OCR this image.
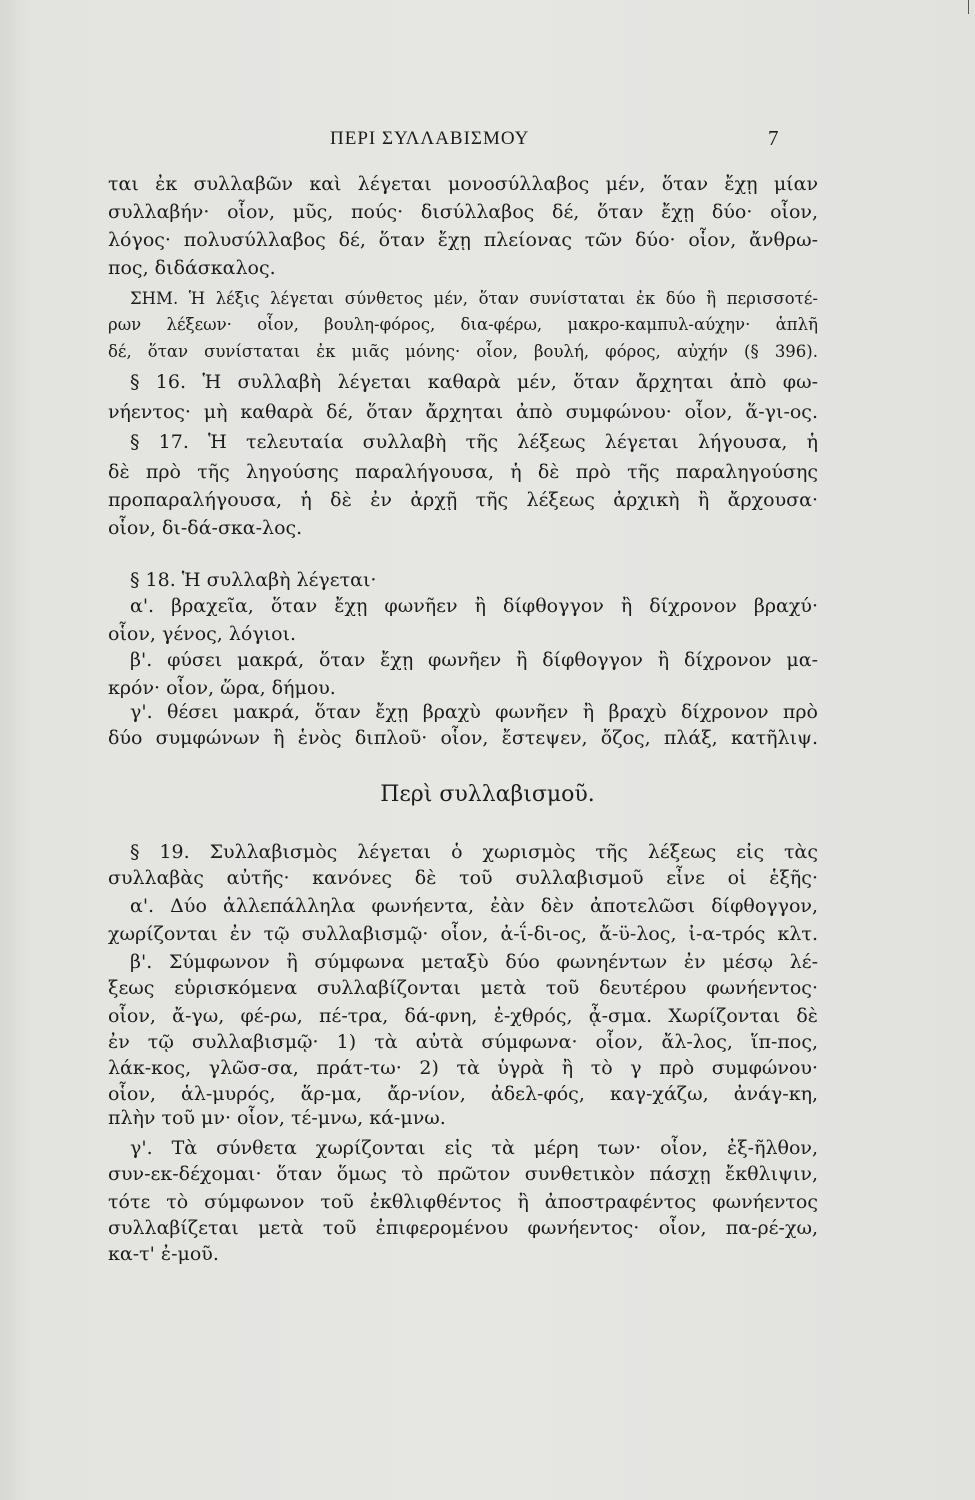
ΠΕΡΙ ΣΥΛΛΑΒΙΣΜΟΥ	7
Περὶ συλλαβισμοῦ.
ται ἐκ συλλαβῶν καὶ λέγεται μονοσύλλαβος μέν, ὅταν ἔχῃ μίαν
συλλαβήν· οἷον, μῦς, πούς· δισύλλαβος δέ, ὅταν ἔχῃ δύο· οἷον,
λόγος· πολυσύλλαβος δέ, ὅταν ἔχῃ πλείονας τῶν δύο· οἷον, ἄνθρω-
πος, διδάσκαλος.
ΣΗΜ. Ἡ λέξις λέγεται σύνθετος μέν, ὅταν συνίσταται ἐκ δύο ἢ περισσοτέ-
ρων λέξεων· οἷον, βουλη-φόρος, δια-φέρω, μακρο-καμπυλ-αύχην· ἁπλῆ
δέ, ὅταν συνίσταται ἐκ μιᾶς μόνης· οἷον, βουλή, φόρος, αὐχήν (§ 396).
§ 16. Ἡ συλλαβὴ λέγεται καθαρὰ μέν, ὅταν ἄρχηται ἀπὸ φω-
νήεντος· μὴ καθαρὰ δέ, ὅταν ἄρχηται ἀπὸ συμφώνου· οἷον, ἅ-γι-ος.
§ 17. Ἡ τελευταία συλλαβὴ τῆς λέξεως λέγεται λήγουσα, ἡ
δὲ πρὸ τῆς ληγούσης παραλήγουσα, ἡ δὲ πρὸ τῆς παραληγούσης
προπαραλήγουσα, ἡ δὲ ἐν ἀρχῇ τῆς λέξεως ἀρχικὴ ἢ ἄρχουσα·
οἷον, δι-δά-σκα-λος.
§ 18. Ἡ συλλαβὴ λέγεται·
α'. βραχεῖα, ὅταν ἔχῃ φωνῆεν ἢ δίφθογγον ἢ δίχρονον βραχύ·
οἷον, γένος, λόγιοι.
β'. φύσει μακρά, ὅταν ἔχῃ φωνῆεν ἢ δίφθογγον ἢ δίχρονον μα-
κρόν· οἷον, ὥρα, δήμου.
γ'. θέσει μακρά, ὅταν ἔχῃ βραχὺ φωνῆεν ἢ βραχὺ δίχρονον πρὸ
δύο συμφώνων ἢ ἑνὸς διπλοῦ· οἷον, ἔστεψεν, ὄζος, πλάξ, κατῆλιψ.
§ 19. Συλλαβισμὸς λέγεται ὁ χωρισμὸς τῆς λέξεως εἰς τὰς
συλλαβὰς αὐτῆς· κανόνες δὲ τοῦ συλλαβισμοῦ εἶνε οἱ ἑξῆς·
α'. Δύο ἀλλεπάλληλα φωνήεντα, ἐὰν δὲν ἀποτελῶσι δίφθογγον,
χωρίζονται ἐν τῷ συλλαβισμῷ· οἷον, ἀ-ΐ-δι-ος, ἄ-ϋ-λος, ἰ-α-τρός κλτ.
β'. Σύμφωνον ἢ σύμφωνα μεταξὺ δύο φωνηέντων ἐν μέσῳ λέ-
ξεως εὑρισκόμενα συλλαβίζονται μετὰ τοῦ δευτέρου φωνήεντος·
οἷον, ἄ-γω, φέ-ρω, πέ-τρα, δά-φνη, ἐ-χθρός, ᾆ-σμα. Χωρίζονται δὲ
ἐν τῷ συλλαβισμῷ· 1) τὰ αὐτὰ σύμφωνα· οἷον, ἄλ-λος, ἵπ-πος,
λάκ-κος, γλῶσ-σα, πράτ-τω· 2) τὰ ὑγρὰ ἢ τὸ γ πρὸ συμφώνου·
οἷον, ἁλ-μυρός, ἅρ-μα, ἄρ-νίον, ἀδελ-φός, καγ-χάζω, ἀνάγ-κη,
πλὴν τοῦ μν· οἷον, τέ-μνω, κά-μνω.
γ'. Τὰ σύνθετα χωρίζονται εἰς τὰ μέρη των· οἷον, ἐξ-ῆλθον,
συν-εκ-δέχομαι· ὅταν ὅμως τὸ πρῶτον συνθετικὸν πάσχῃ ἔκθλιψιν,
τότε τὸ σύμφωνον τοῦ ἐκθλιφθέντος ἢ ἀποστραφέντος φωνήεντος
συλλαβίζεται μετὰ τοῦ ἐπιφερομένου φωνήεντος· οἷον, πα-ρέ-χω,
κα-τ' ἐ-μοῦ.
